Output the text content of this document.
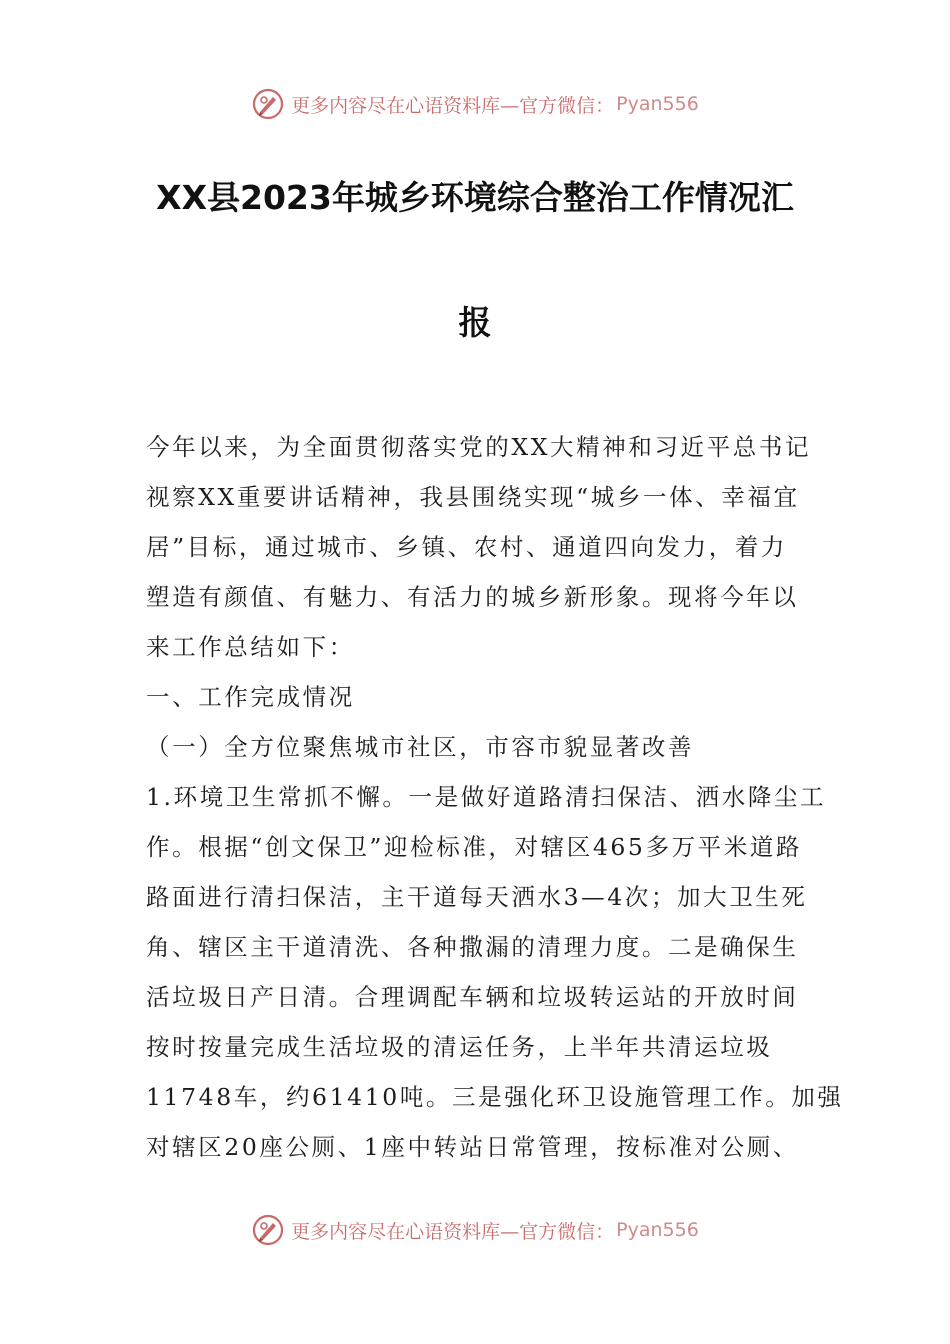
更多内容尽在心语资料库—官方微信： Pyan556
XX县2023年城乡环境综合整治工作情况汇
报
今年以来，为全面贯彻落实党的XX大精神和习近平总书记
视察XX重要讲话精神，我县围绕实现“城乡一体、幸福宜
居”目标，通过城市、乡镇、农村、通道四向发力，着力
塑造有颜值、有魅力、有活力的城乡新形象。现将今年以
来工作总结如下：
一、工作完成情况
（一）全方位聚焦城市社区，市容市貌显著改善
1.环境卫生常抓不懈。一是做好道路清扫保洁、洒水降尘工
作。根据“创文保卫”迎检标准，对辖区465多万平米道路
路面进行清扫保洁，主干道每天洒水3—4次；加大卫生死
角、辖区主干道清洗、各种撒漏的清理力度。二是确保生
活垃圾日产日清。合理调配车辆和垃圾转运站的开放时间
按时按量完成生活垃圾的清运任务，上半年共清运垃圾
11748车，约61410吨。三是强化环卫设施管理工作。加强
对辖区20座公厕、1座中转站日常管理，按标准对公厕、
更多内容尽在心语资料库—官方微信： Pyan556
